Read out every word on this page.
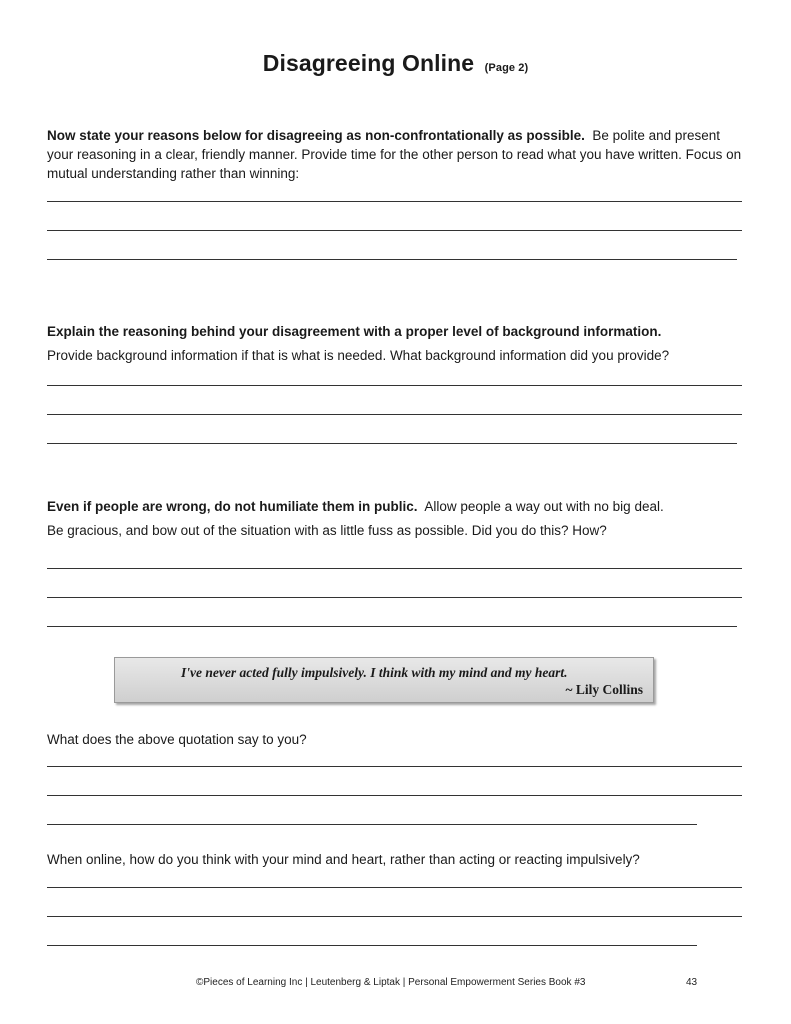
Disagreeing Online (Page 2)
Now state your reasons below for disagreeing as non-confrontationally as possible. Be polite and present your reasoning in a clear, friendly manner. Provide time for the other person to read what you have written. Focus on mutual understanding rather than winning:
Explain the reasoning behind your disagreement with a proper level of background information.
Provide background information if that is what is needed. What background information did you provide?
Even if people are wrong, do not humiliate them in public. Allow people a way out with no big deal.
Be gracious, and bow out of the situation with as little fuss as possible. Did you do this? How?
I've never acted fully impulsively. I think with my mind and my heart.
~ Lily Collins
What does the above quotation say to you?
When online, how do you think with your mind and heart, rather than acting or reacting impulsively?
©Pieces of Learning Inc | Leutenberg & Liptak | Personal Empowerment Series Book #3	43
